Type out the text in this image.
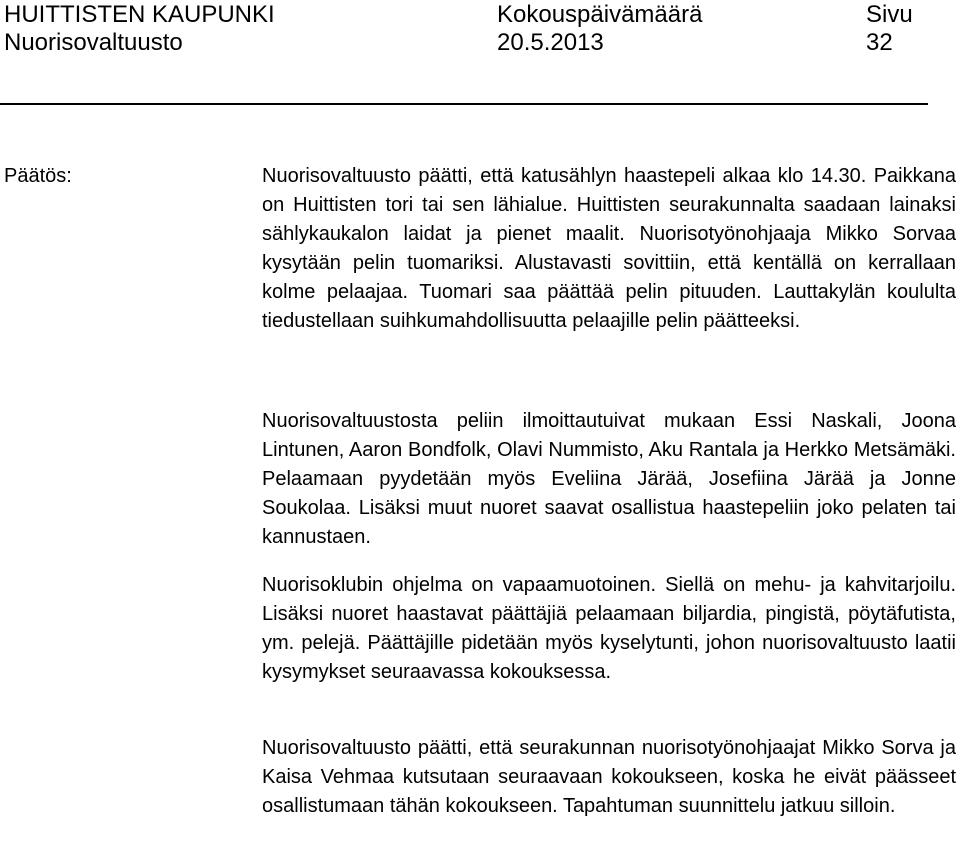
HUITTISTEN KAUPUNKI
Nuorisovaltuusto
Kokouspäivämäärä
20.5.2013
Sivu
32
Päätös:	Nuorisovaltuusto päätti, että katusählyn haastepeli alkaa klo 14.30. Paikkana on Huittisten tori tai sen lähialue. Huittisten seurakunnalta saadaan lainaksi sählykaukalon laidat ja pienet maalit. Nuorisotyönohjaaja Mikko Sorvaa kysytään pelin tuomariksi. Alustavasti sovittiin, että kentällä on kerrallaan kolme pelaajaa. Tuomari saa päättää pelin pituuden. Lauttakylän koululta tiedustellaan suihkumahdollisuutta pelaajille pelin päätteeksi.

Nuorisovaltuustosta peliin ilmoittautuivat mukaan Essi Naskali, Joona Lintunen, Aaron Bondfolk, Olavi Nummisto, Aku Rantala ja Herkko Metsämäki. Pelaamaan pyydetään myös Eveliina Järää, Josefiina Järää ja Jonne Soukolaa. Lisäksi muut nuoret saavat osallistua haastepeliin joko pelaten tai kannustaen.

Nuorisoklubin ohjelma on vapaamuotoinen. Siellä on mehu- ja kahvitarjoilu. Lisäksi nuoret haastavat päättäjiä pelaamaan biljardia, pingistä, pöytäfutista, ym. pelejä. Päättäjille pidetään myös kyselytunti, johon nuorisovaltuusto laatii kysymykset seuraavassa kokouksessa.

Nuorisovaltuusto päätti, että seurakunnan nuorisotyönohjaajat Mikko Sorva ja Kaisa Vehmaa kutsutaan seuraavaan kokoukseen, koska he eivät päässeet osallistumaan tähän kokoukseen. Tapahtuman suunnittelu jatkuu silloin.
